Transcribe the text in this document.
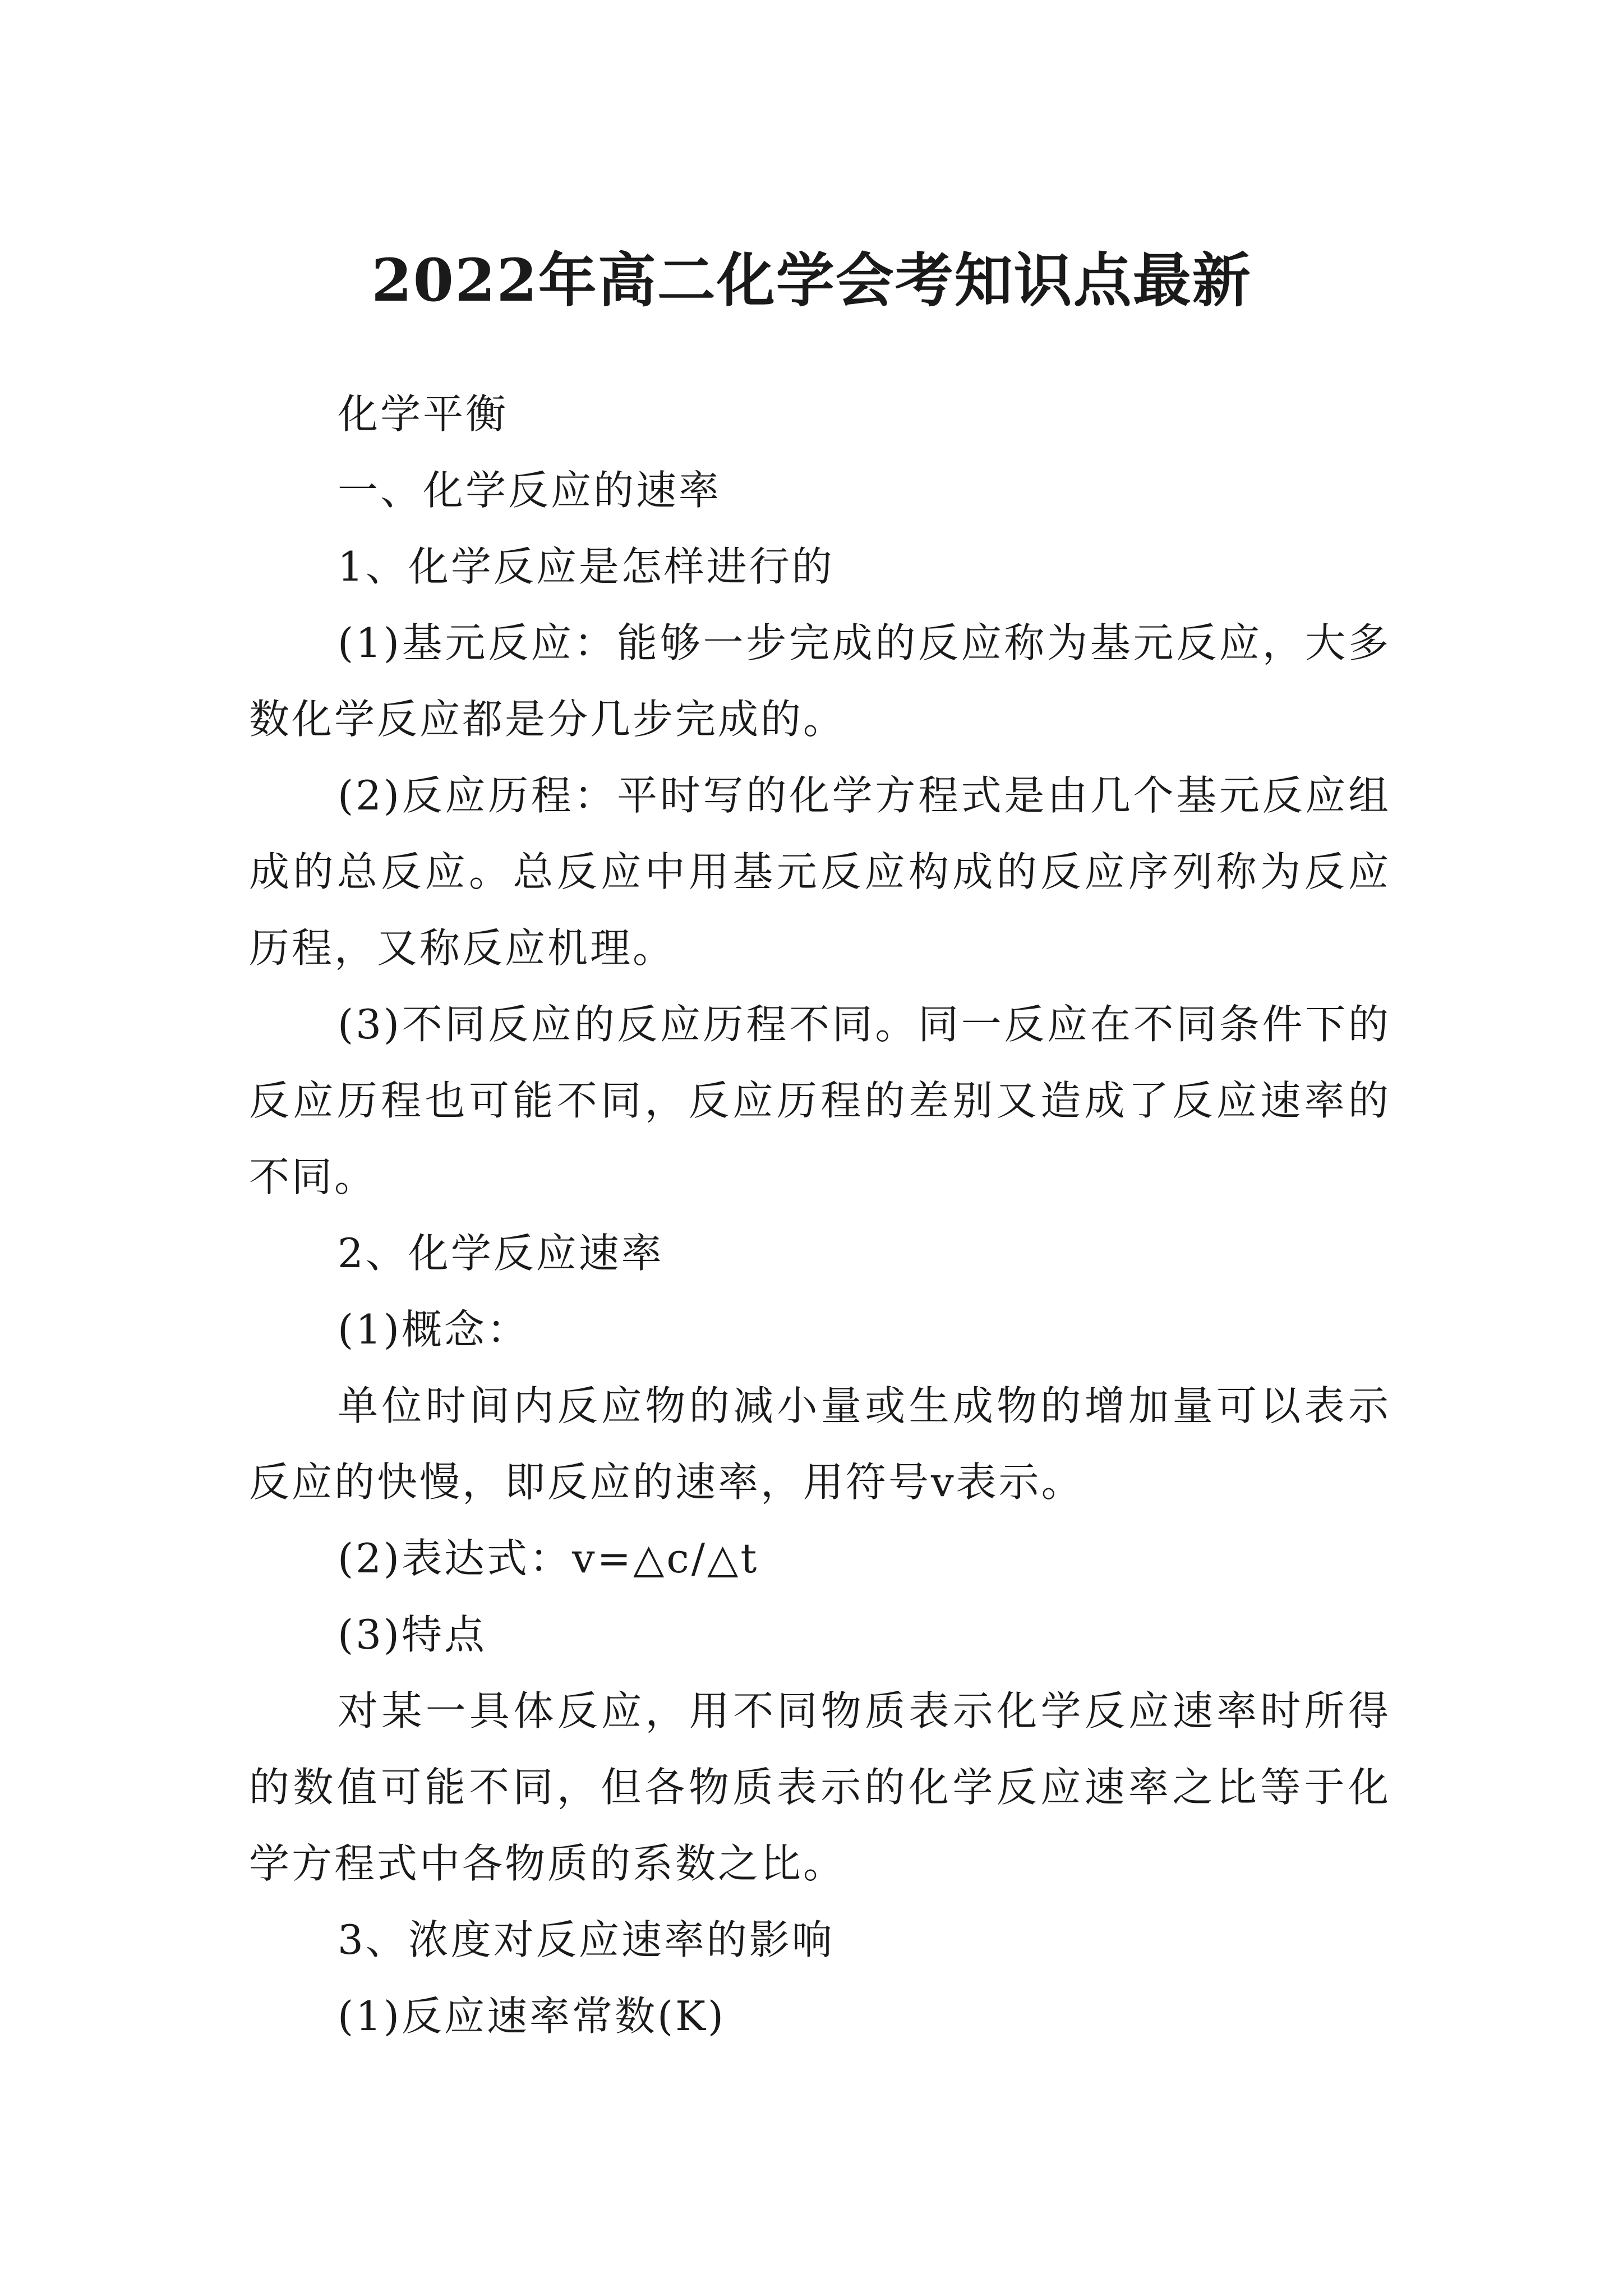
2022年高二化学会考知识点最新

化学平衡

一、化学反应的速率

1、化学反应是怎样进行的

(1)基元反应：能够一步完成的反应称为基元反应，大多数化学反应都是分几步完成的。

(2)反应历程：平时写的化学方程式是由几个基元反应组成的总反应。总反应中用基元反应构成的反应序列称为反应历程，又称反应机理。

(3)不同反应的反应历程不同。同一反应在不同条件下的反应历程也可能不同，反应历程的差别又造成了反应速率的不同。

2、化学反应速率

(1)概念：

单位时间内反应物的减小量或生成物的增加量可以表示反应的快慢，即反应的速率，用符号v表示。

(2)表达式：v=△c/△t

(3)特点

对某一具体反应，用不同物质表示化学反应速率时所得的数值可能不同，但各物质表示的化学反应速率之比等于化学方程式中各物质的系数之比。

3、浓度对反应速率的影响

(1)反应速率常数(K)
